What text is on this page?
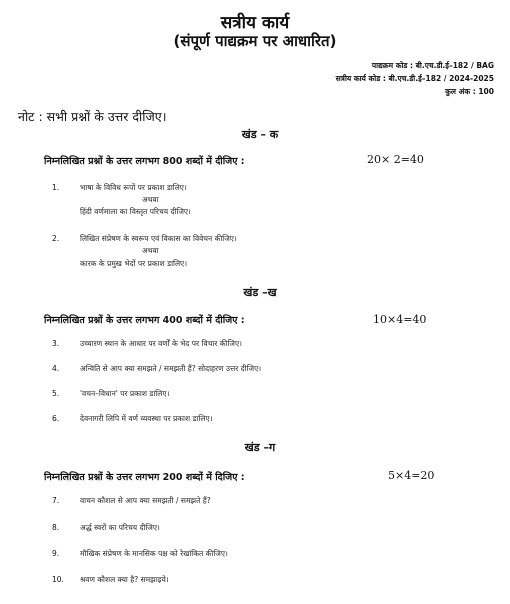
सत्रीय कार्य
(संपूर्ण पाद्यक्रम पर आधारित)
पाद्यक्रम कोड : बी.एच.डी.ई–182 / BAG
सत्रीय कार्य कोड : बी.एच.डी.ई–182 / 2024-2025
कुल अंक : 100
नोट : सभी प्रश्नों के उत्तर दीजिए।
खंड – क
निम्नलिखित प्रश्नों के उत्तर लगभग 800 शब्दों में दीजिए :	20× 2=40
1.	भाषा के विविध रूपों पर प्रकाश डालिए।
अथवा
हिंदी वर्णमाला का विस्तृत परिचय दीजिए।
2.	लिखित संप्रेषण के स्वरूप एवं विकास का विवेचन कीजिए।
अथवा
कारक के प्रमुख भेदों पर प्रकाश डालिए।
खंड –ख
निम्नलिखित प्रश्नों के उत्तर लगभग 400 शब्दों में दीजिए :	10×4=40
3.	उच्चारण स्थान के आधार पर वर्णों के भेद पर विचार कीजिए।
4.	अन्विति से आप क्या समझते / समझती हैं? सोदाहरण उत्तर दीजिए।
5.	'वचन–विधान' पर प्रकाश डालिए।
6.	देवनागरी लिपि में वर्ण व्यवस्था पर प्रकाश डालिए।
खंड –ग
निम्नलिखित प्रश्नों के उत्तर लगभग 200 शब्दों में दिजिए :	5×4=20
7.	वाचन कौशल से आप क्या समझती / समझते हैं?
8.	अर्द्ध स्वरों का परिचय दीजिए।
9.	मौखिक संप्रेषण के मानसिक पक्ष को रेखांकित कीजिए।
10. श्रवण कौशल क्या है? समझाइये।
